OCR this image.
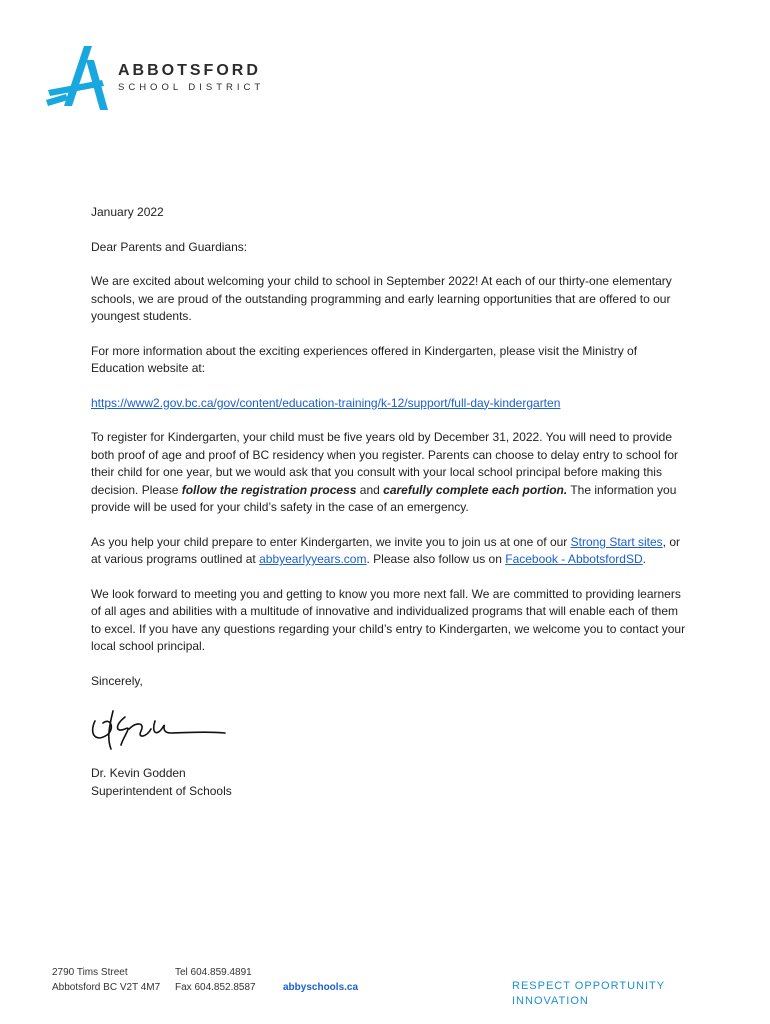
ABBOTSFORD
SCHOOL DISTRICT

January 2022

Dear Parents and Guardians:

We are excited about welcoming your child to school in September 2022! At each of our thirty-one elementary schools, we are proud of the outstanding programming and early learning opportunities that are offered to our youngest students.

For more information about the exciting experiences offered in Kindergarten, please visit the Ministry of Education website at:

https://www2.gov.bc.ca/gov/content/education-training/k-12/support/full-day-kindergarten

To register for Kindergarten, your child must be five years old by December 31, 2022. You will need to provide both proof of age and proof of BC residency when you register. Parents can choose to delay entry to school for their child for one year, but we would ask that you consult with your local school principal before making this decision. Please follow the registration process and carefully complete each portion. The information you provide will be used for your child’s safety in the case of an emergency.

As you help your child prepare to enter Kindergarten, we invite you to join us at one of our Strong Start sites, or at various programs outlined at abbyearlyyears.com. Please also follow us on Facebook - AbbotsfordSD.

We look forward to meeting you and getting to know you more next fall. We are committed to providing learners of all ages and abilities with a multitude of innovative and individualized programs that will enable each of them to excel. If you have any questions regarding your child’s entry to Kindergarten, we welcome you to contact your local school principal.

Sincerely,

Dr. Kevin Godden
Superintendent of Schools
2790 Tims Street
Abbotsford BC V2T 4M7
Tel 604.859.4891
Fax 604.852.8587	abbyschools.ca	RESPECT OPPORTUNITY INNOVATION
